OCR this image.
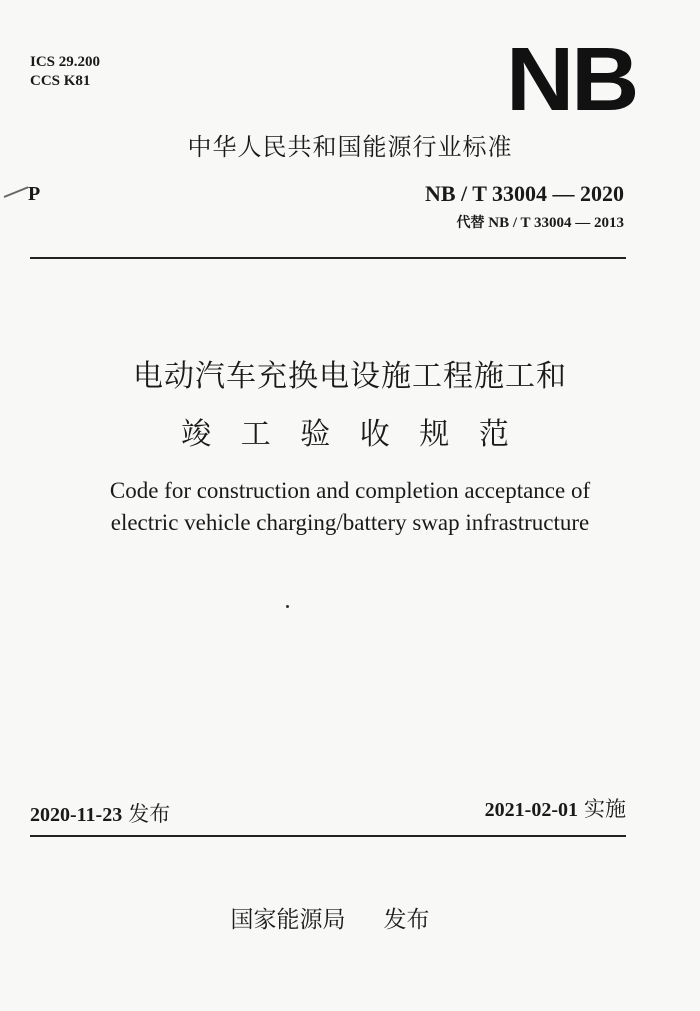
ICS 29.200
CCS K81	NB
中华人民共和国能源行业标准
P	NB / T 33004 — 2020
代替 NB / T 33004 — 2013
电动汽车充换电设施工程施工和
竣 工 验 收 规 范
Code for construction and completion acceptance of
electric vehicle charging/battery swap infrastructure
2020-11-23 发布	2021-02-01 实施
国家能源局 发布
